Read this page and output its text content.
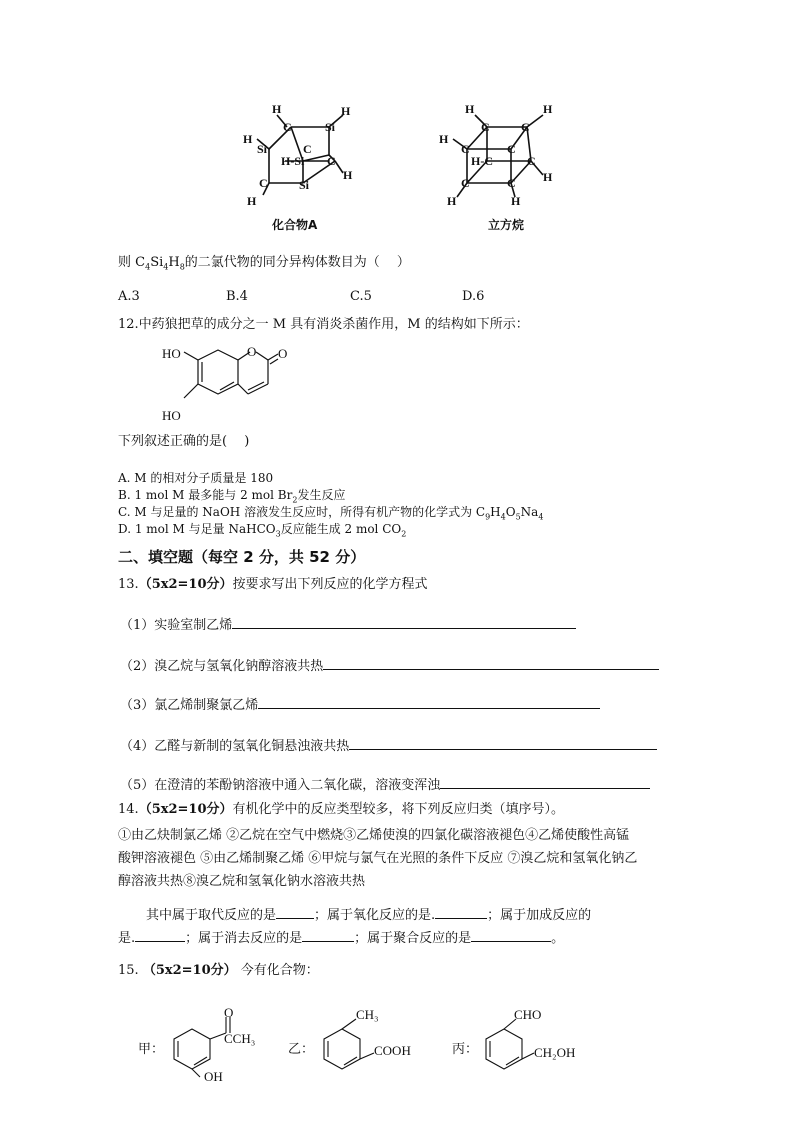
H
C	Si
H
H
Si	C
H-Si C
H
C	Si
H
H
C	C
H
H
C
H-C
C
C
H
C	C
H	H
化合物A	立方烷
则 $C_4Si_4H_8$的二氯代物的同分异构体数目为（　 ）
A.3	B.4	C.5	D.6
12.中药狼把草的成分之一 M 具有消炎杀菌作用，M 的结构如下所示：
HO
HO
O O
下列叙述正确的是(　 )
A. M 的相对分子质量是 180
B. 1 mol M 最多能与 2 mol $Br_2$发生反应
C. M 与足量的 NaOH 溶液发生反应时，所得有机产物的化学式为 $C_9H_4O_5Na_4$
D. 1 mol M 与足量 NaHCO$_3$反应能生成 2 mol $CO_2$
二、填空题（每空 2 分，共 52 分）
13.（5x2=10分）按要求写出下列反应的化学方程式
（1）实验室制乙烯
（2）溴乙烷与氢氧化钠醇溶液共热
（3）氯乙烯制聚氯乙烯
（4）乙醛与新制的氢氧化铜悬浊液共热
（5）在澄清的苯酚钠溶液中通入二氧化碳，溶液变浑浊
14.（5x2=10分）有机化学中的反应类型较多，将下列反应归类（填序号）。
①由乙炔制氯乙烯 ②乙烷在空气中燃烧③乙烯使溴的四氯化碳溶液褪色④乙烯使酸性高锰
酸钾溶液褪色 ⑤由乙烯制聚乙烯 ⑥甲烷与氯气在光照的条件下反应 ⑦溴乙烷和氢氧化钠乙
醇溶液共热⑧溴乙烷和氢氧化钠水溶液共热
其中属于取代反应的是	；属于氧化反应的是.	；属于加成反应的
是.	；属于消去反应的是	；属于聚合反应的是	。
15. （5x2=10分） 今有化合物：
甲：	乙：	丙：
O
CCH₃
OH
CH₃
COOH
CHO
CH₂OH
